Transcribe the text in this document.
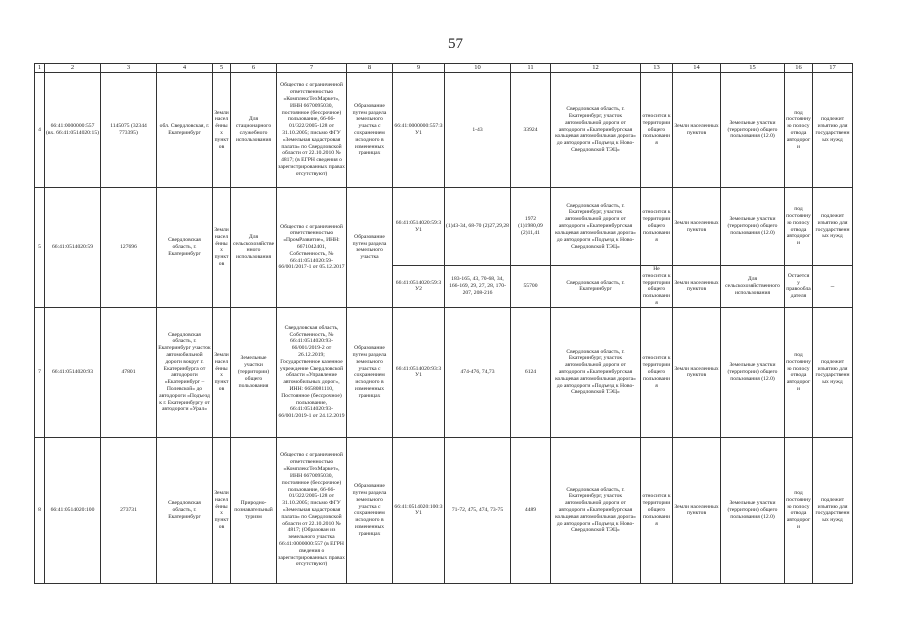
57
1	2	3	4	5	6	7	8	9	10	11	12	13	14	15	16	17
4	66:41:0000000:557 (вх. 66:41:0514020:15)	1145075 (32344 773395)	обл. Свердловская, г. Екатеринбург	Земли населённых пунктов	Для стационарного служебного использования	Общество с ограниченной ответственностью «КомплексТехМаркет», ИНН 6670095030, постоянное (бессрочное) пользование, 66-66-01/322/2005-128 от 31.10.2005; письмо ФГУ «Земельная кадастровая палата» по Свердловской области от 22.10.2010 № 4817; (в ЕГРН сведения о зарегистрированных правах отсутствуют)	Образование путем раздела земельного участка с сохранением исходного в измененных границах	66:41:0000000:557:ЗУ1	1-43	33924	Свердловская область, г. Екатеринбург, участок автомобильной дороги от автодороги «Екатеринбургская кольцевая автомобильная дорога» до автодороги «Подъезд к Ново-Свердловской ТЭЦ»	относится к территории общего пользования	Земли населенных пунктов	Земельные участки (территории) общего пользования (12.0)	под постоянную полосу отвода автодороги	подлежит изъятию для государственных нужд
5	66:41:0514020:59	127696	Свердловская область, г. Екатеринбург	Земли населённых пунктов	Для сельскохозяйственного использования	Общество с ограниченной ответственностью «ПромРазвитие», ИНН: 6671042401, Собственность, № 66:41:0514020:59-66/001/2017-1 от 05.12.2017	Образование путем раздела земельного участка	66:41:0514020:59:ЗУ1	(1)43-34, 68-70 (2)27,29,28	1972 (1)1980,09 (2)11,41	Свердловская область, г. Екатеринбург, участок автомобильной дороги от автодороги «Екатеринбургская кольцевая автомобильная дорога» до автодороги «Подъезд к Ново-Свердловской ТЭЦ»	относится к территории общего пользования	Земли населенных пунктов	Земельные участки (территории) общего пользования (12.0)	под постоянную полосу отвода автодороги	подлежит изъятию для государственных нужд
								66:41:0514020:59:ЗУ2	183-165, 43, 70-68, 34, 166-169, 29, 27, 28, 170-207, 208-216	55700	Свердловская область, г. Екатеринбург	Не относится к территории общего пользования	Земли населенных пунктов	Для сельскохозяйственного использования	Остается у правообладателя	–
7	66:41:0514020:93	47801	Свердловская область, г. Екатеринбург участок автомобильной дороги вокруг г. Екатеринбурга от автодороги «Екатеринбург – Полевской» до автодороги «Подъезд к г. Екатеринбургу от автодороги «Урал»	Земли населённых пунктов	Земельные участки (территории) общего пользования	Свердловская область, Собственность, № 66:41:0514020:93-66/001/2019-2 от 26.12.2019; Государственное казенное учреждение Свердловской области «Управление автомобильных дорог», ИНН: 6658081110, Постоянное (бессрочное) пользование, 66:41:0514020:93-66/001/2019-1 от 24.12.2019	Образование путем раздела земельного участка с сохранением исходного в измененных границах	66:41:0514020:93:ЗУ1	474-476, 74,73	6124	Свердловская область, г. Екатеринбург, участок автомобильной дороги от автодороги «Екатеринбургская кольцевая автомобильная дорога» до автодороги «Подъезд к Ново-Свердловской ТЭЦ»	относится к территории общего пользования	Земли населенных пунктов	Земельные участки (территории) общего пользования (12.0)	под постоянную полосу отвода автодороги	подлежит изъятию для государственных нужд
8	66:41:0514020:100	273731	Свердловская область, г. Екатеринбург	Земли населённых пунктов	Природно-познавательный туризм	Общество с ограниченной ответственностью «КомплексТехМаркет», ИНН 6670095030, постоянное (бессрочное) пользование, 66-66-01/322/2005-128 от 31.10.2005; письмо ФГУ «Земельная кадастровая палата» по Свердловской области от 22.10.2010 № 4817; (Образован из земельного участка 66:41:0000000:557 (в ЕГРН сведения о зарегистрированных правах отсутствуют)	Образование путем раздела земельного участка с сохранением исходного в измененных границах	66:41:0514020:100:ЗУ1	71-72, 475, 474, 73-75	4489	Свердловская область, г. Екатеринбург, участок автомобильной дороги от автодороги «Екатеринбургская кольцевая автомобильная дорога» до автодороги «Подъезд к Ново-Свердловской ТЭЦ»	относится к территории общего пользования	Земли населенных пунктов	Земельные участки (территории) общего пользования (12.0)	под постоянную полосу отвода автодороги	подлежит изъятию для государственных нужд
